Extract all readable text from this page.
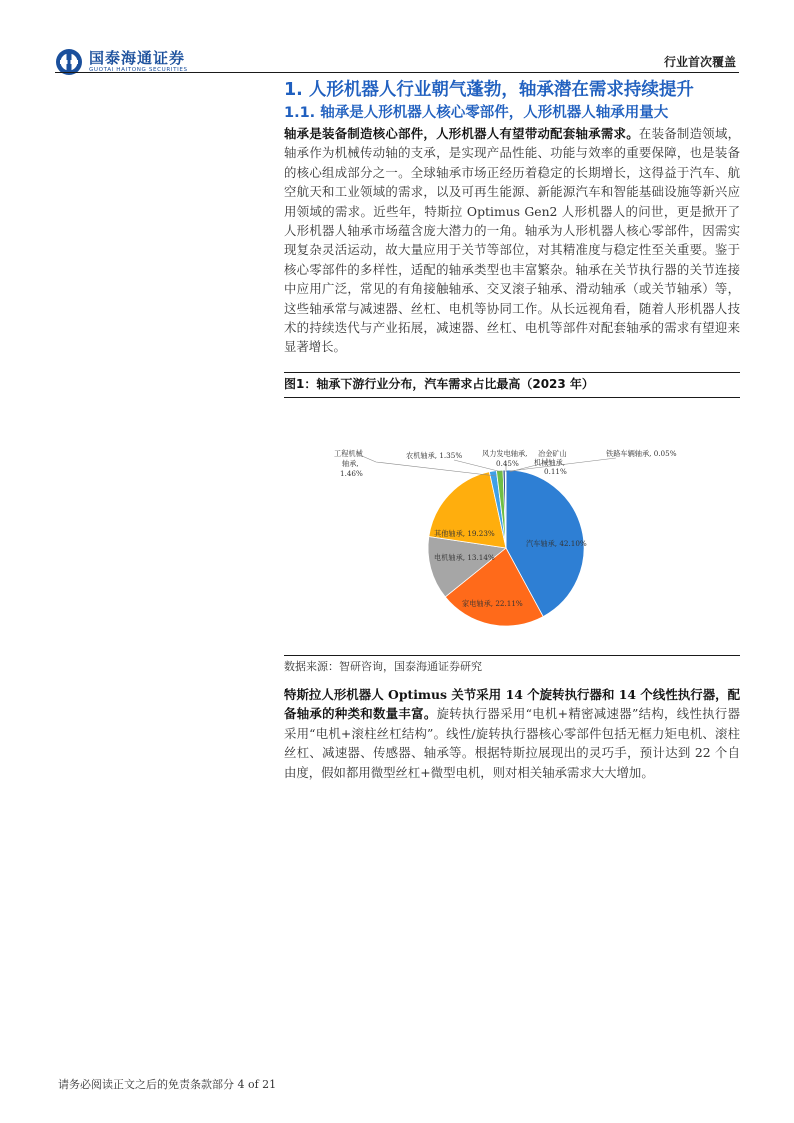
国泰海通证券
GUOTAI HAITONG SECURITIES
行业首次覆盖
1. 人形机器人行业朝气蓬勃，轴承潜在需求持续提升
1.1. 轴承是人形机器人核心零部件，人形机器人轴承用量大

轴承是装备制造核心部件，人形机器人有望带动配套轴承需求。在装备制造领域，轴承作为机械传动轴的支承，是实现产品性能、功能与效率的重要保障，也是装备的核心组成部分之一。全球轴承市场正经历着稳定的长期增长，这得益于汽车、航空航天和工业领域的需求，以及可再生能源、新能源汽车和智能基础设施等新兴应用领域的需求。近些年，特斯拉 Optimus Gen2 人形机器人的问世，更是掀开了人形机器人轴承市场蕴含庞大潜力的一角。轴承为人形机器人核心零部件，因需实现复杂灵活运动，故大量应用于关节等部位，对其精准度与稳定性至关重要。鉴于核心零部件的多样性，适配的轴承类型也丰富繁杂。轴承在关节执行器的关节连接中应用广泛，常见的有角接触轴承、交叉滚子轴承、滑动轴承（或关节轴承）等，这些轴承常与减速器、丝杠、电机等协同工作。从长远视角看，随着人形机器人技术的持续迭代与产业拓展，减速器、丝杠、电机等部件对配套轴承的需求有望迎来显著增长。

图1：轴承下游行业分布，汽车需求占比最高（2023 年）
汽车轴承, 42.10%
家电轴承, 22.11%
电机轴承, 13.14%
其他轴承, 19.23%
工程机械
轴承,
1.46%
农机轴承, 1.35%	风力发电轴承,
0.45%
冶金矿山
机械轴承,
0.11%
铁路车辆轴承, 0.05%
数据来源：智研咨询，国泰海通证券研究

特斯拉人形机器人 Optimus 关节采用 14 个旋转执行器和 14 个线性执行器，配备轴承的种类和数量丰富。旋转执行器采用“电机+精密减速器”结构，线性执行器采用“电机+滚柱丝杠结构”。线性/旋转执行器核心零部件包括无框力矩电机、滚柱丝杠、减速器、传感器、轴承等。根据特斯拉展现出的灵巧手，预计达到 22 个自由度，假如都用微型丝杠+微型电机，则对相关轴承需求大大增加。

请务必阅读正文之后的免责条款部分 4 of 21
